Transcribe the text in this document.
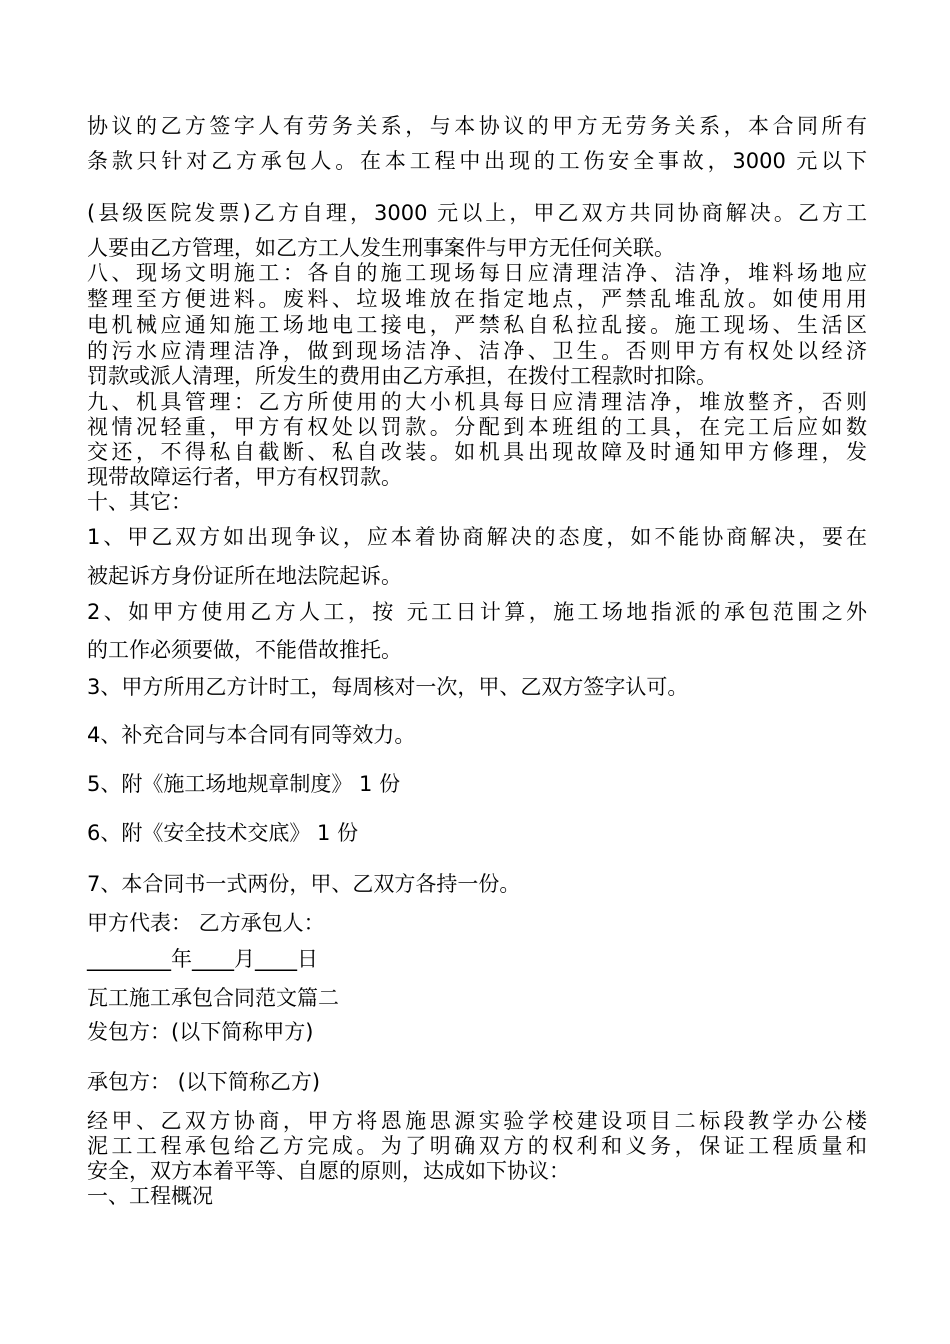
协议的乙方签字人有劳务关系，与本协议的甲方无劳务关系，本合同所有
条款只针对乙方承包人。在本工程中出现的工伤安全事故，3000 元以下
(县级医院发票)乙方自理，3000 元以上，甲乙双方共同协商解决。乙方工
人要由乙方管理，如乙方工人发生刑事案件与甲方无任何关联。
八、现场文明施工：各自的施工现场每日应清理洁净、洁净，堆料场地应
整理至方便进料。废料、垃圾堆放在指定地点，严禁乱堆乱放。如使用用
电机械应通知施工场地电工接电，严禁私自私拉乱接。施工现场、生活区
的污水应清理洁净，做到现场洁净、洁净、卫生。否则甲方有权处以经济
罚款或派人清理，所发生的费用由乙方承担，在拨付工程款时扣除。
九、机具管理：乙方所使用的大小机具每日应清理洁净，堆放整齐，否则
视情况轻重，甲方有权处以罚款。分配到本班组的工具，在完工后应如数
交还，不得私自截断、私自改装。如机具出现故障及时通知甲方修理，发
现带故障运行者，甲方有权罚款。
十、其它：
1、甲乙双方如出现争议，应本着协商解决的态度，如不能协商解决，要在
被起诉方身份证所在地法院起诉。
2、如甲方使用乙方人工，按 元工日计算，施工场地指派的承包范围之外
的工作必须要做，不能借故推托。
3、甲方所用乙方计时工，每周核对一次，甲、乙双方签字认可。
4、补充合同与本合同有同等效力。
5、附《施工场地规章制度》 1 份
6、附《安全技术交底》 1 份
7、本合同书一式两份，甲、乙双方各持一份。
甲方代表： 乙方承包人：
________年____月____日
瓦工施工承包合同范文篇二
发包方：(以下简称甲方)
承包方： (以下简称乙方)
经甲、乙双方协商，甲方将恩施思源实验学校建设项目二标段教学办公楼
泥工工程承包给乙方完成。为了明确双方的权利和义务，保证工程质量和
安全，双方本着平等、自愿的原则，达成如下协议：
一、工程概况
